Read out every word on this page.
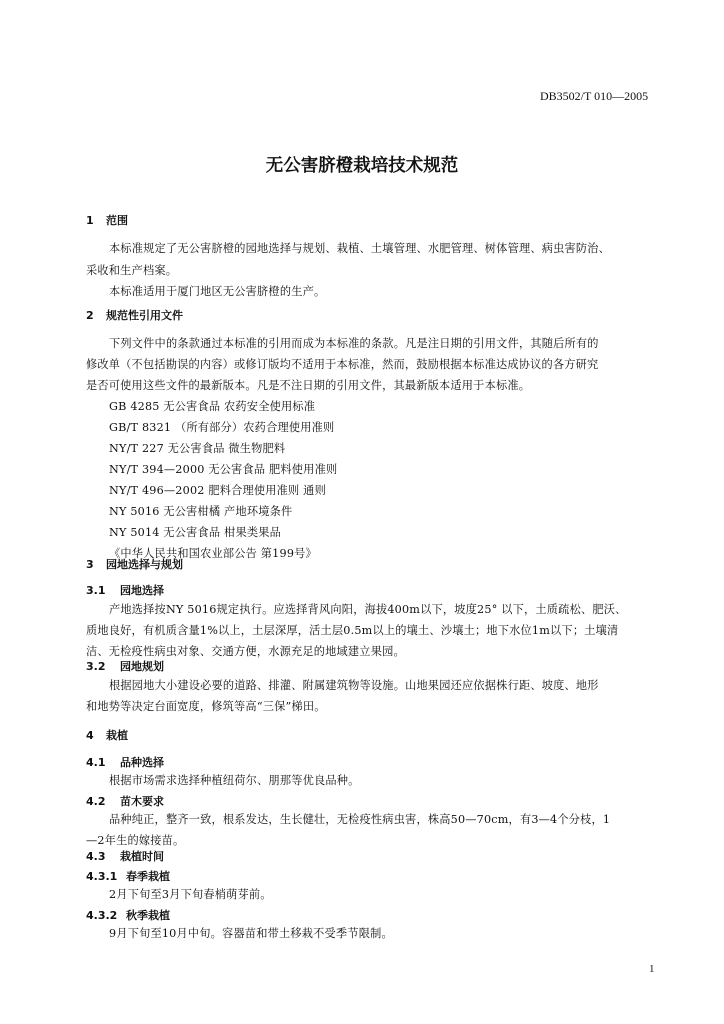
DB3502/T 010—2005
无公害脐橙栽培技术规范
1 范围
本标准规定了无公害脐橙的园地选择与规划、栽植、土壤管理、水肥管理、树体管理、病虫害防治、
采收和生产档案。
本标准适用于厦门地区无公害脐橙的生产。
2 规范性引用文件
下列文件中的条款通过本标准的引用而成为本标准的条款。凡是注日期的引用文件，其随后所有的
修改单（不包括勘误的内容）或修订版均不适用于本标准，然而，鼓励根据本标准达成协议的各方研究
是否可使用这些文件的最新版本。凡是不注日期的引用文件，其最新版本适用于本标准。
GB 4285 无公害食品 农药安全使用标准
GB/T 8321 （所有部分）农药合理使用准则
NY/T 227 无公害食品 微生物肥料
NY/T 394—2000 无公害食品 肥料使用准则
NY/T 496—2002 肥料合理使用准则 通则
NY 5016 无公害柑橘 产地环境条件
NY 5014 无公害食品 柑果类果品
《中华人民共和国农业部公告 第199号》
3 园地选择与规划
3.1 园地选择
产地选择按NY 5016规定执行。应选择背风向阳，海拔400m以下，坡度25° 以下，土质疏松、肥沃、
质地良好，有机质含量1%以上，土层深厚，活土层0.5m以上的壤土、沙壤土；地下水位1m以下；土壤清
洁、无检疫性病虫对象、交通方便，水源充足的地域建立果园。
3.2 园地规划
根据园地大小建设必要的道路、排灌、附属建筑物等设施。山地果园还应依据株行距、坡度、地形
和地势等决定台面宽度，修筑等高“三保”梯田。
4 栽植
4.1 品种选择
根据市场需求选择种植纽荷尔、朋那等优良品种。
4.2 苗木要求
品种纯正，整齐一致，根系发达，生长健壮，无检疫性病虫害，株高50—70cm，有3—4个分枝，1
—2年生的嫁接苗。
4.3 栽植时间
4.3.1 春季栽植
2月下旬至3月下旬春梢萌芽前。
4.3.2 秋季栽植
9月下旬至10月中旬。容器苗和带土移栽不受季节限制。
1
